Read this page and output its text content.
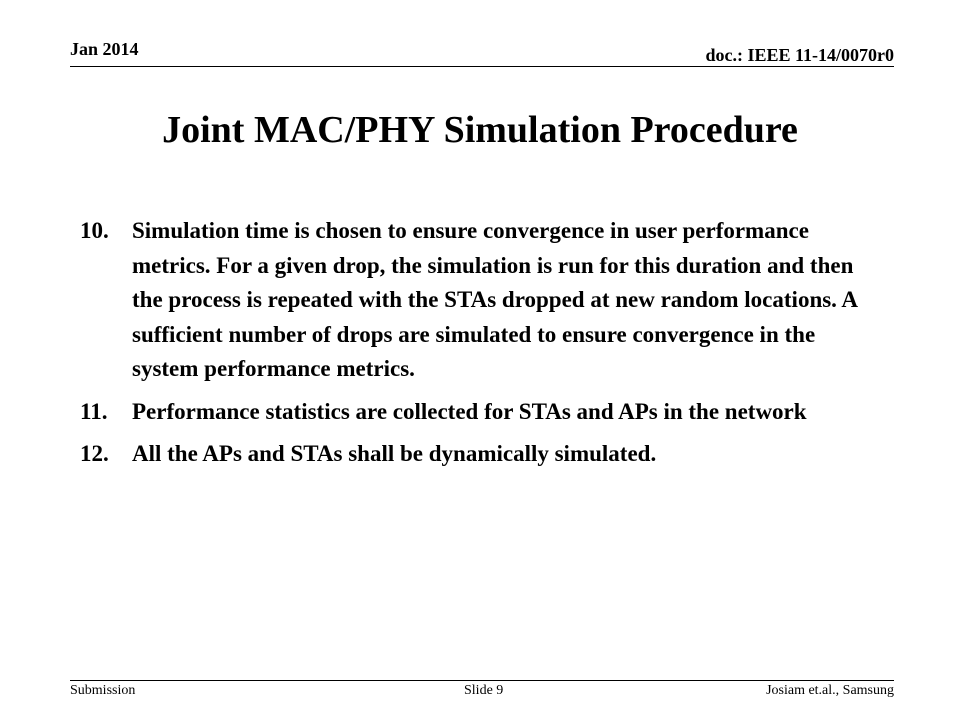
Jan 2014	doc.: IEEE 11-14/0070r0
Joint MAC/PHY Simulation Procedure
10.	Simulation time is chosen to ensure convergence in user performance metrics. For a given drop, the simulation is run for this duration and then the process is repeated with the STAs dropped at new random locations. A sufficient number of drops are simulated to ensure convergence in the system performance metrics.
11.	Performance statistics are collected for STAs and APs in the network
12.	All the APs and STAs shall be dynamically simulated.
Submission	Slide 9	Josiam et.al., Samsung
